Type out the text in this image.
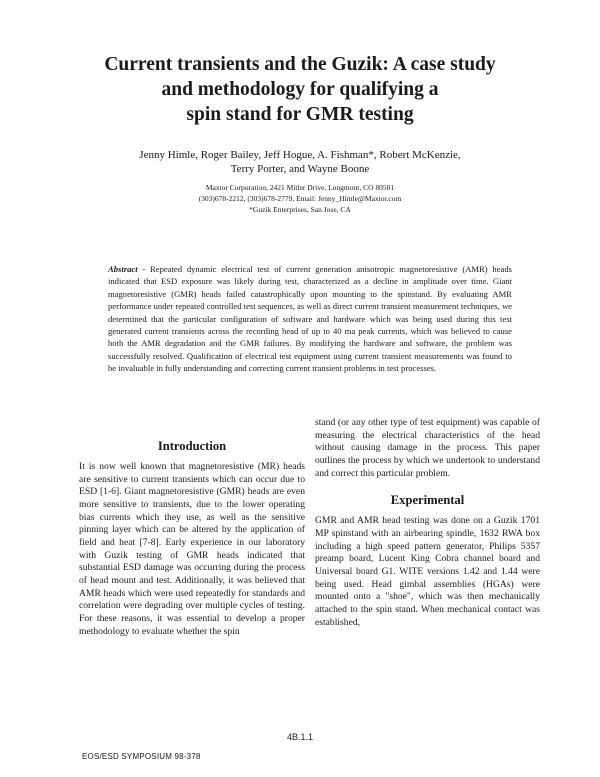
Current transients and the Guzik: A case study
and methodology for qualifying a
spin stand for GMR testing
Jenny Himle, Roger Bailey, Jeff Hogue, A. Fishman*, Robert McKenzie,
Terry Porter, and Wayne Boone
Maxtor Corporation, 2421 Mitler Drive, Longmont, CO 80501
(303)678-2212, (303)678-2779, Email: Jenny_Himle@Maxtor.com
*Guzik Enterprises, San Jose, CA
Abstract - Repeated dynamic electrical test of current generation anisotropic magnetoresistive (AMR) heads indicated that ESD exposure was likely during test, characterized as a decline in amplitude over time. Giant magnetoresistive (GMR) heads failed catastrophically upon mounting to the spinstand. By evaluating AMR performance under repeated controlled test sequences, as well as direct current transient measurement techniques, we determined that the particular configuration of software and hardware which was being used during this test generated current transients across the recording head of up to 40 ma peak currents, which was believed to cause both the AMR degradation and the GMR failures. By modifying the hardware and software, the problem was successfully resolved. Qualification of electrical test equipment using current transient measurements was found to be invaluable in fully understanding and correcting current transient problems in test processes.
Introduction

It is now well known that magnetoresistive (MR) heads are sensitive to current transients which can occur due to ESD [1-6]. Giant magnetoresistive (GMR) heads are even more sensitive to transients, due to the lower operating bias currents which they use, as well as the sensitive pinning layer which can be altered by the application of field and heat [7-8]. Early experience in our laboratory with Guzik testing of GMR heads indicated that substantial ESD damage was occurring during the process of head mount and test. Additionally, it was believed that AMR heads which were used repeatedly for standards and correlation were degrading over multiple cycles of testing. For these reasons, it was essential to develop a proper methodology to evaluate whether the spin

stand (or any other type of test equipment) was capable of measuring the electrical characteristics of the head without causing damage in the process. This paper outlines the process by which we undertook to understand and correct this particular problem.

Experimental

GMR and AMR head testing was done on a Guzik 1701 MP spinstand with an airbearing spindle, 1632 RWA box including a high speed pattern generator, Philips 5357 preamp board, Lucent King Cobra channel board and Universal board G1. WITE versions 1.42 and 1.44 were being used. Head gimbal assemblies (HGAs) were mounted onto a "shoe", which was then mechanically attached to the spin stand. When mechanical contact was established,

4B.1.1
EOS/ESD SYMPOSIUM 98-378
